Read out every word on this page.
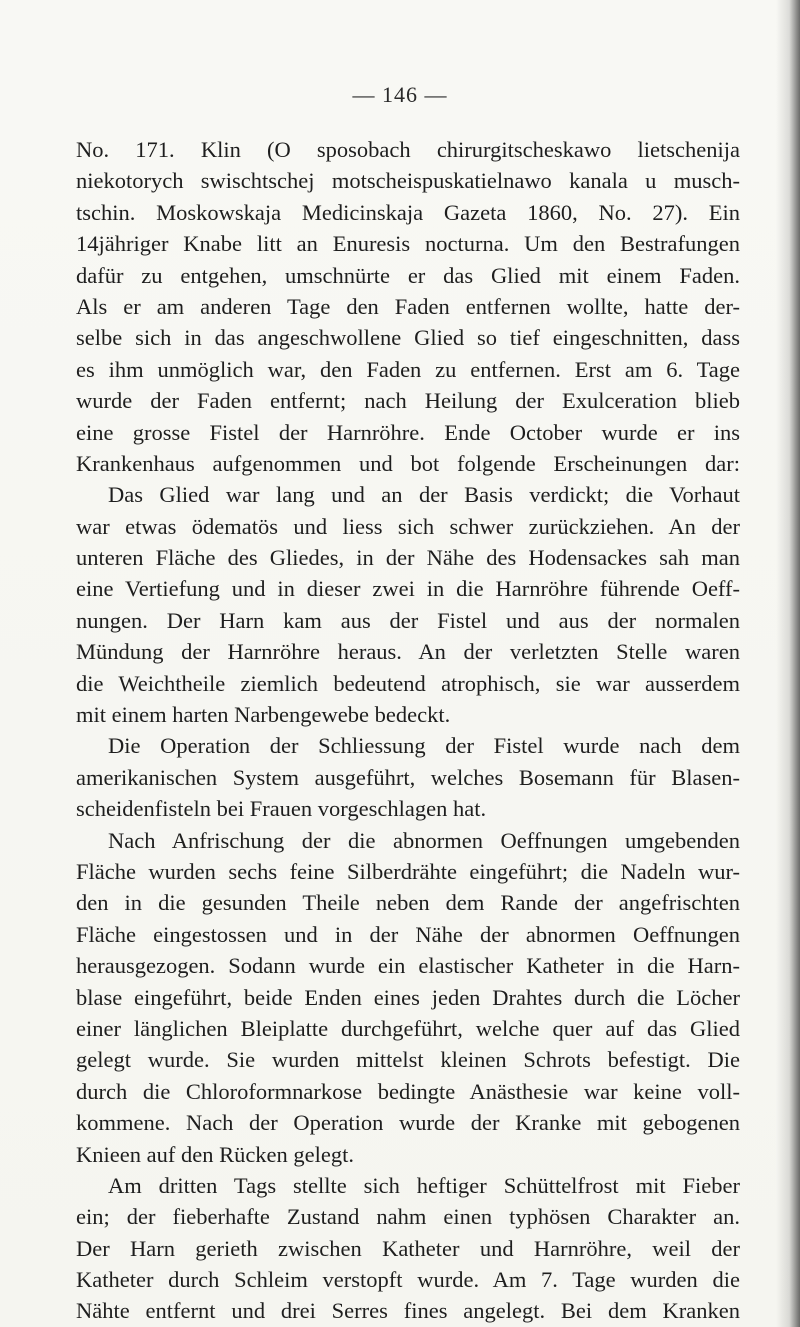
— 146 —
No. 171. Klin (O sposobach chirurgitscheskawo lietschenija
niekotorych swischtschej motscheispuskatielnawo kanala u musch-
tschin. Moskowskaja Medicinskaja Gazeta 1860, No. 27). Ein
14jähriger Knabe litt an Enuresis nocturna. Um den Bestrafungen
dafür zu entgehen, umschnürte er das Glied mit einem Faden.
Als er am anderen Tage den Faden entfernen wollte, hatte der-
selbe sich in das angeschwollene Glied so tief eingeschnitten, dass
es ihm unmöglich war, den Faden zu entfernen. Erst am 6. Tage
wurde der Faden entfernt; nach Heilung der Exulceration blieb
eine grosse Fistel der Harnröhre. Ende October wurde er ins
Krankenhaus aufgenommen und bot folgende Erscheinungen dar:
Das Glied war lang und an der Basis verdickt; die Vorhaut
war etwas ödematös und liess sich schwer zurückziehen. An der
unteren Fläche des Gliedes, in der Nähe des Hodensackes sah man
eine Vertiefung und in dieser zwei in die Harnröhre führende Oeff-
nungen. Der Harn kam aus der Fistel und aus der normalen
Mündung der Harnröhre heraus. An der verletzten Stelle waren
die Weichtheile ziemlich bedeutend atrophisch, sie war ausserdem
mit einem harten Narbengewebe bedeckt.
Die Operation der Schliessung der Fistel wurde nach dem
amerikanischen System ausgeführt, welches Bosemann für Blasen-
scheidenfisteln bei Frauen vorgeschlagen hat.
Nach Anfrischung der die abnormen Oeffnungen umgebenden
Fläche wurden sechs feine Silberdrähte eingeführt; die Nadeln wur-
den in die gesunden Theile neben dem Rande der angefrischten
Fläche eingestossen und in der Nähe der abnormen Oeffnungen
herausgezogen. Sodann wurde ein elastischer Katheter in die Harn-
blase eingeführt, beide Enden eines jeden Drahtes durch die Löcher
einer länglichen Bleiplatte durchgeführt, welche quer auf das Glied
gelegt wurde. Sie wurden mittelst kleinen Schrots befestigt. Die
durch die Chloroformnarkose bedingte Anästhesie war keine voll-
kommene. Nach der Operation wurde der Kranke mit gebogenen
Knieen auf den Rücken gelegt.
Am dritten Tags stellte sich heftiger Schüttelfrost mit Fieber
ein; der fieberhafte Zustand nahm einen typhösen Charakter an.
Der Harn gerieth zwischen Katheter und Harnröhre, weil der
Katheter durch Schleim verstopft wurde. Am 7. Tage wurden die
Nähte entfernt und drei Serres fines angelegt. Bei dem Kranken
